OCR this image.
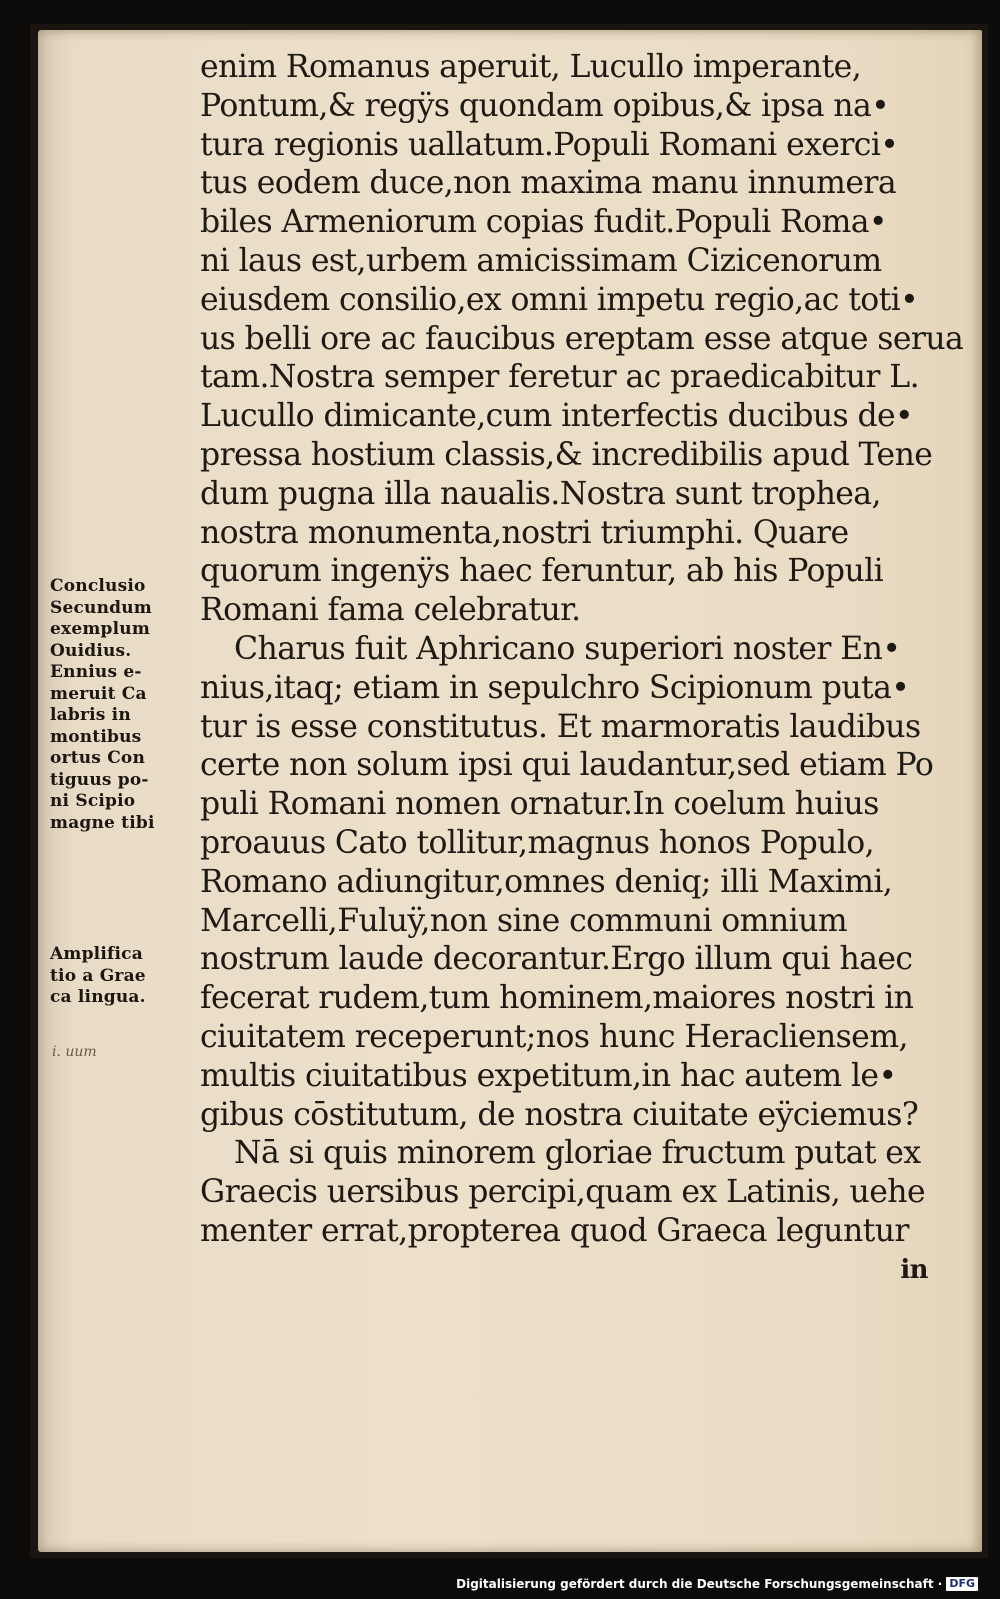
enim Romanus aperuit, Lucullo imperante,
Pontum,& regÿs quondam opibus,& ipsa na•
tura regionis uallatum.Populi Romani exerci•
tus eodem duce,non maxima manu innumera
biles Armeniorum copias fudit.Populi Roma•
ni laus est,urbem amicissimam Cizicenorum
eiusdem consilio,ex omni impetu regio,ac toti•
us belli ore ac faucibus ereptam esse atque serua
tam.Nostra semper feretur ac praedicabitur L.
Lucullo dimicante,cum interfectis ducibus de•
pressa hostium classis,& incredibilis apud Tene
dum pugna illa naualis.Nostra sunt trophea,
nostra monumenta,nostri triumphi. Quare
quorum ingenÿs haec feruntur, ab his Populi
Romani fama celebratur.
Charus fuit Aphricano superiori noster En•
nius,itaq; etiam in sepulchro Scipionum puta•
tur is esse constitutus. Et marmoratis laudibus
certe non solum ipsi qui laudantur,sed etiam Po
puli Romani nomen ornatur.In coelum huius
proauus Cato tollitur,magnus honos Populo,
Romano adiungitur,omnes deniq; illi Maximi,
Marcelli,Fuluÿ,non sine communi omnium
nostrum laude decorantur.Ergo illum qui haec
fecerat rudem,tum hominem,maiores nostri in
ciuitatem receperunt;nos hunc Heracliensem,
multis ciuitatibus expetitum,in hac autem le•
gibus cōstitutum, de nostra ciuitate eÿciemus?
Nā si quis minorem gloriae fructum putat ex
Graecis uersibus percipi,quam ex Latinis, uehe
menter errat,propterea quod Graeca leguntur
in
Conclusio
Secundum
exemplum
Ouidius.
Ennius e-
meruit Ca
labris in
montibus
ortus Con
tiguus po-
ni Scipio
magne tibi
Amplifica
tio a Grae
ca lingua.
i. uum
Digitalisierung gefördert durch die Deutsche Forschungsgemeinschaft · DFG
